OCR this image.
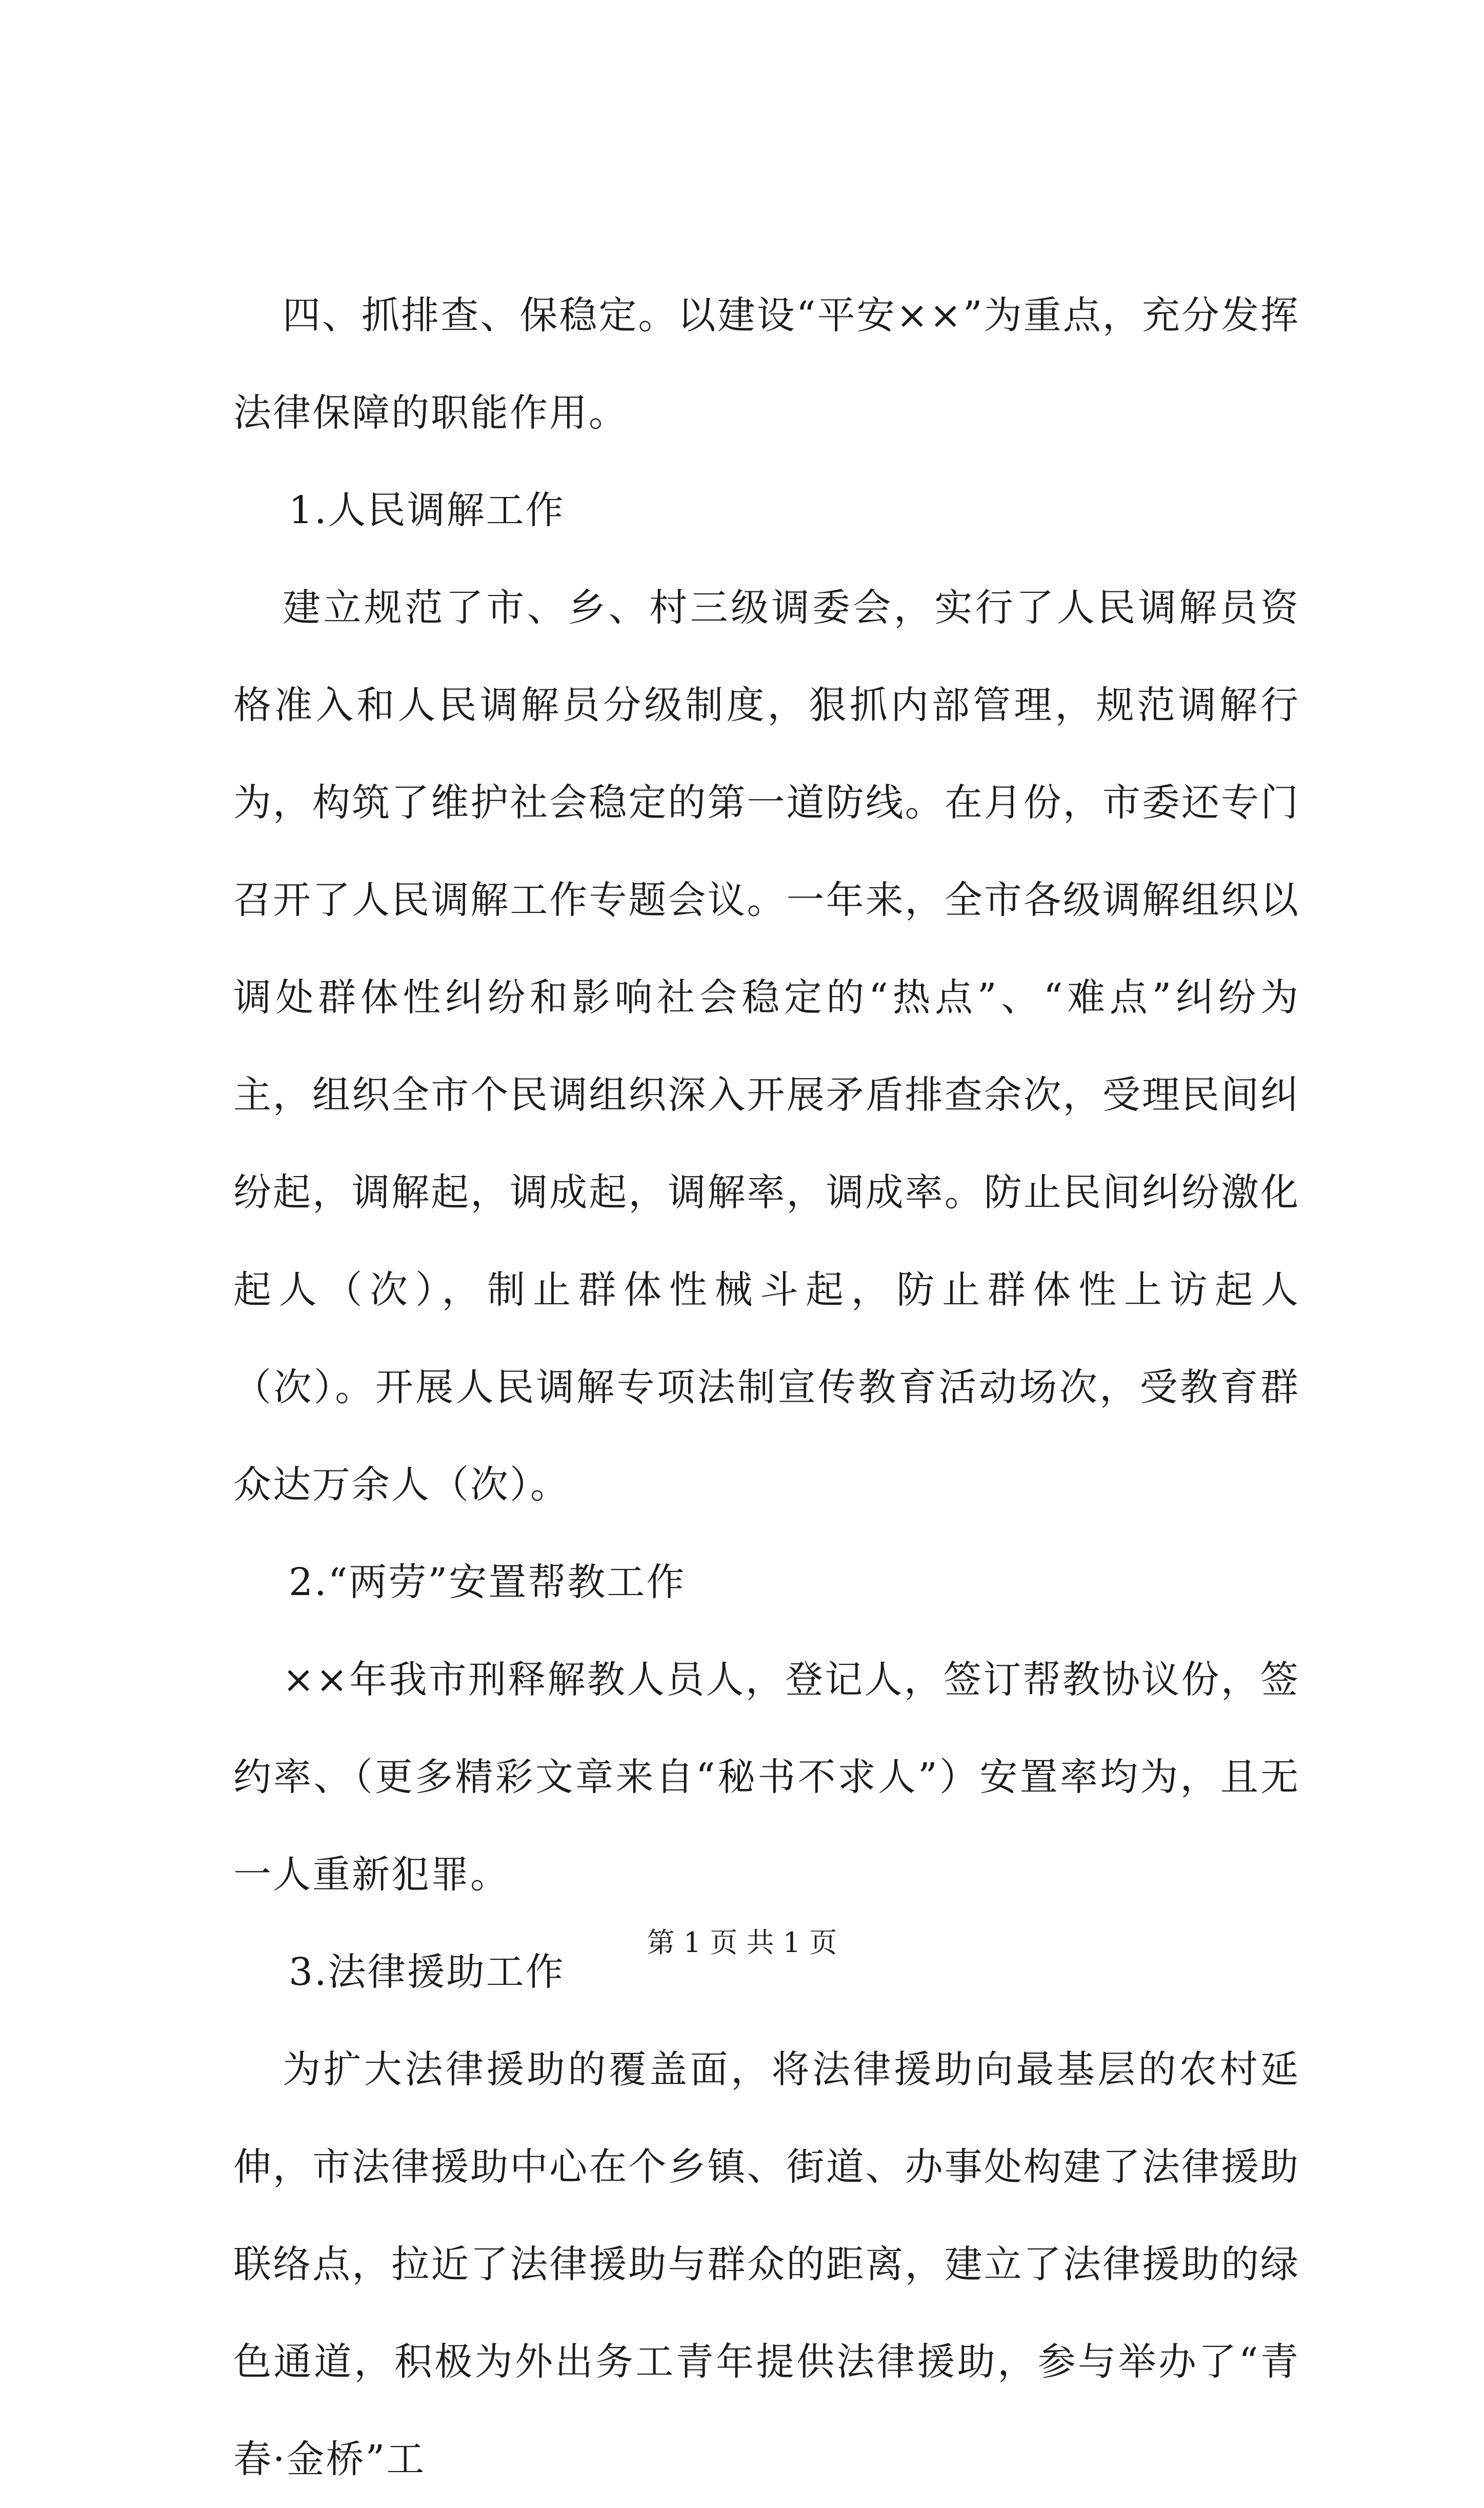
四、抓排查、保稳定。以建设“平安××”为重点，充分发挥法律保障的职能作用。

1.人民调解工作

建立规范了市、乡、村三级调委会，实行了人民调解员资格准入和人民调解员分级制度，狠抓内部管理，规范调解行为，构筑了维护社会稳定的第一道防线。在月份，市委还专门召开了人民调解工作专题会议。一年来，全市各级调解组织以调处群体性纠纷和影响社会稳定的“热点”、“难点”纠纷为主，组织全市个民调组织深入开展矛盾排查余次，受理民间纠纷起，调解起，调成起，调解率，调成率。防止民间纠纷激化起人（次），制止群体性械斗起，防止群体性上访起人（次）。开展人民调解专项法制宣传教育活动场次，受教育群众达万余人（次）。

2.“两劳”安置帮教工作

××年我市刑释解教人员人，登记人，签订帮教协议份，签约率、（更多精彩文章来自“秘书不求人”）安置率均为，且无一人重新犯罪。

3.法律援助工作

为扩大法律援助的覆盖面，将法律援助向最基层的农村延伸，市法律援助中心在个乡镇、街道、办事处构建了法律援助联络点，拉近了法律援助与群众的距离，建立了法律援助的绿色通道，积极为外出务工青年提供法律援助，参与举办了“青春·金桥”工

第 1 页 共 1 页
